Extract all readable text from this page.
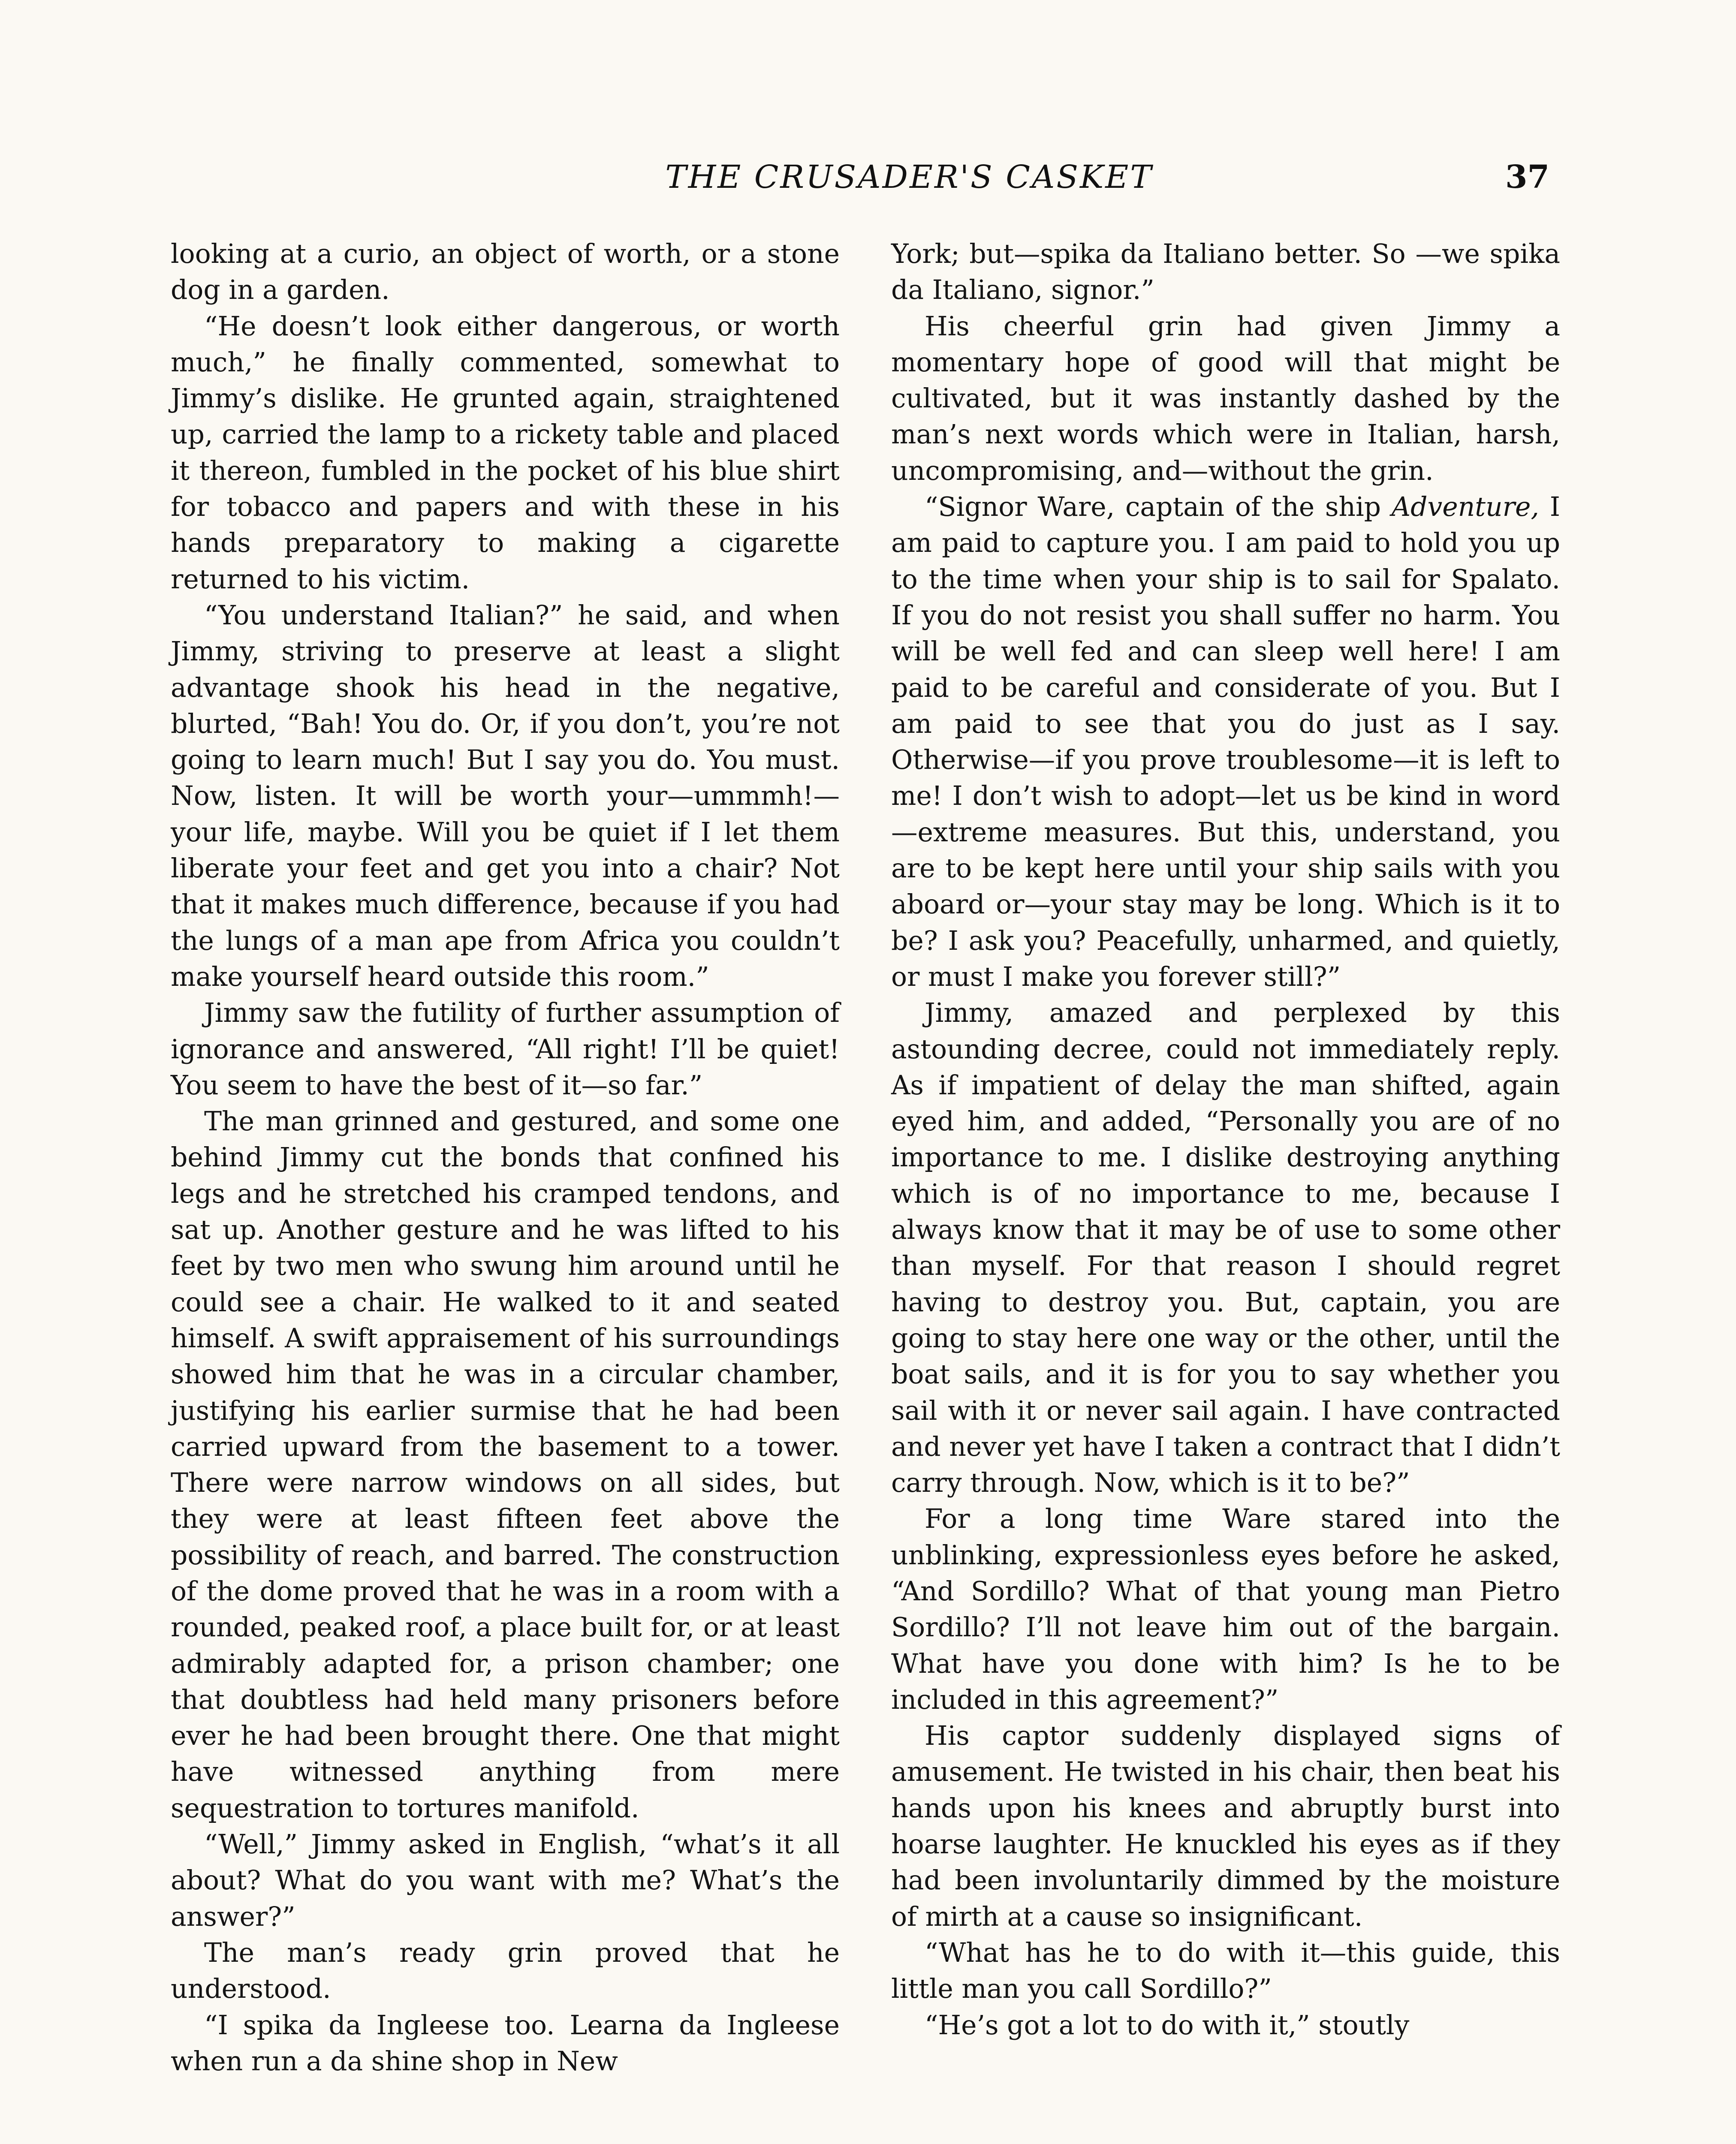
THE CRUSADER'S CASKET	37

looking at a curio, an object of worth, or a stone dog in a garden.

“He doesn’t look either dangerous, or worth much,” he finally commented, somewhat to Jimmy’s dislike. He grunted again, straightened up, carried the lamp to a rickety table and placed it thereon, fumbled in the pocket of his blue shirt for tobacco and papers and with these in his hands preparatory to making a cigarette returned to his victim.

“You understand Italian?” he said, and when Jimmy, striving to preserve at least a slight advantage shook his head in the negative, blurted, “Bah! You do. Or, if you don’t, you’re not going to learn much! But I say you do. You must. Now, listen. It will be worth your—ummmh!—your life, maybe. Will you be quiet if I let them liberate your feet and get you into a chair? Not that it makes much difference, because if you had the lungs of a man ape from Africa you couldn’t make yourself heard outside this room.”

Jimmy saw the futility of further assumption of ignorance and answered, “All right! I’ll be quiet! You seem to have the best of it—so far.”

The man grinned and gestured, and some one behind Jimmy cut the bonds that confined his legs and he stretched his cramped tendons, and sat up. Another gesture and he was lifted to his feet by two men who swung him around until he could see a chair. He walked to it and seated himself. A swift appraisement of his surroundings showed him that he was in a circular chamber, justifying his earlier surmise that he had been carried upward from the basement to a tower. There were narrow windows on all sides, but they were at least fifteen feet above the possibility of reach, and barred. The construction of the dome proved that he was in a room with a rounded, peaked roof, a place built for, or at least admirably adapted for, a prison chamber; one that doubtless had held many prisoners before ever he had been brought there. One that might have witnessed anything from mere sequestration to tortures manifold.

“Well,” Jimmy asked in English, “what’s it all about? What do you want with me? What’s the answer?”

The man’s ready grin proved that he understood.

“I spika da Ingleese too. Learna da Ingleese when run a da shine shop in New

York; but—spika da Italiano better. So —we spika da Italiano, signor.”

His cheerful grin had given Jimmy a momentary hope of good will that might be cultivated, but it was instantly dashed by the man’s next words which were in Italian, harsh, uncompromising, and—without the grin.

“Signor Ware, captain of the ship Adventure, I am paid to capture you. I am paid to hold you up to the time when your ship is to sail for Spalato. If you do not resist you shall suffer no harm. You will be well fed and can sleep well here! I am paid to be careful and considerate of you. But I am paid to see that you do just as I say. Otherwise—if you prove troublesome—it is left to me! I don’t wish to adopt—let us be kind in word—extreme measures. But this, understand, you are to be kept here until your ship sails with you aboard or—your stay may be long. Which is it to be? I ask you? Peacefully, unharmed, and quietly, or must I make you forever still?”

Jimmy, amazed and perplexed by this astounding decree, could not immediately reply. As if impatient of delay the man shifted, again eyed him, and added, “Personally you are of no importance to me. I dislike destroying anything which is of no importance to me, because I always know that it may be of use to some other than myself. For that reason I should regret having to destroy you. But, captain, you are going to stay here one way or the other, until the boat sails, and it is for you to say whether you sail with it or never sail again. I have contracted and never yet have I taken a contract that I didn’t carry through. Now, which is it to be?”

For a long time Ware stared into the unblinking, expressionless eyes before he asked, “And Sordillo? What of that young man Pietro Sordillo? I’ll not leave him out of the bargain. What have you done with him? Is he to be included in this agreement?”

His captor suddenly displayed signs of amusement. He twisted in his chair, then beat his hands upon his knees and abruptly burst into hoarse laughter. He knuckled his eyes as if they had been involuntarily dimmed by the moisture of mirth at a cause so insignificant.

“What has he to do with it—this guide, this little man you call Sordillo?”

“He’s got a lot to do with it,” stoutly
